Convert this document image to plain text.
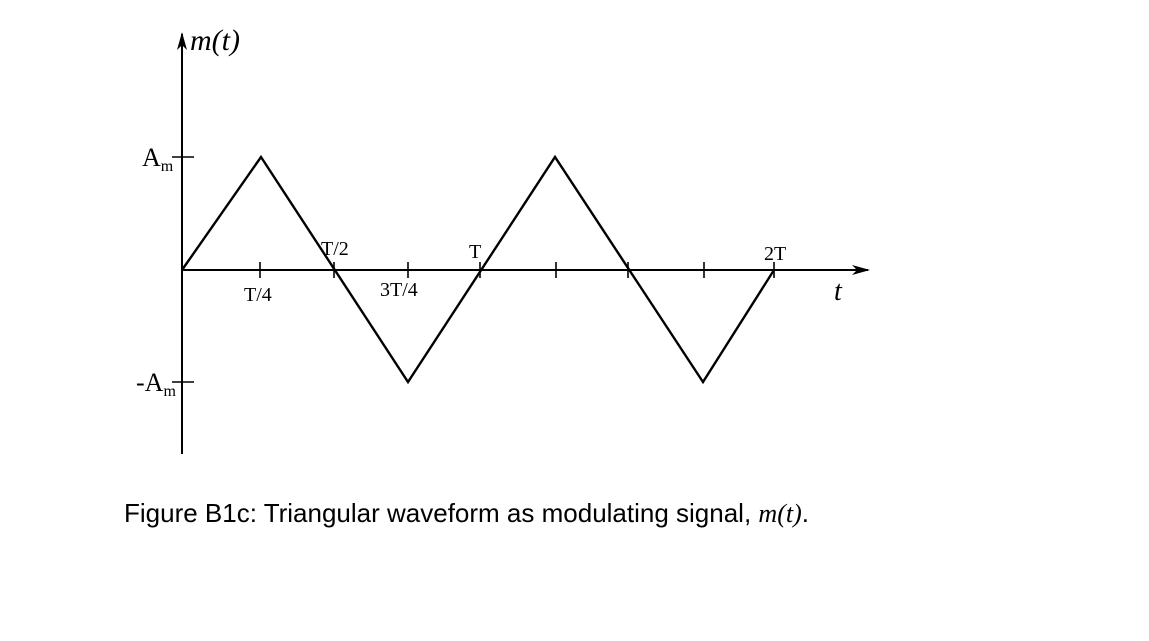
m(t)
t
Am
-Am
T/4
T/2
3T/4
T	2T
Figure B1c: Triangular waveform as modulating signal, m(t).
